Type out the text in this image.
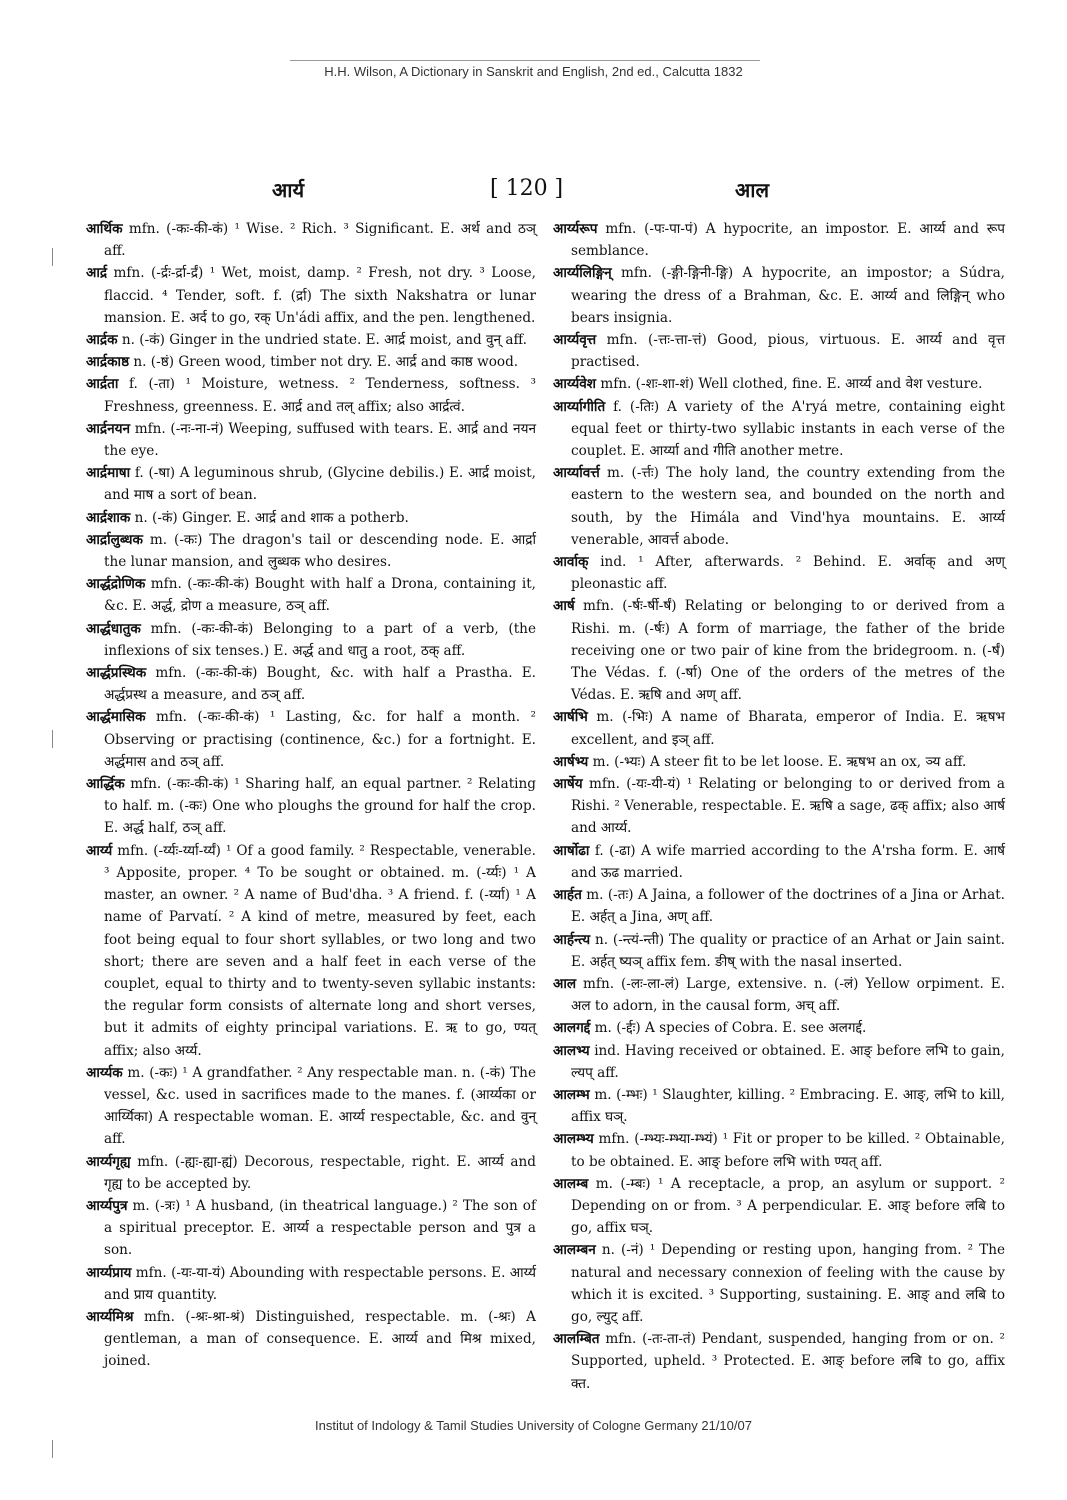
H.H. Wilson, A Dictionary in Sanskrit and English, 2nd ed., Calcutta 1832
आर्य	[ 120 ]	आल

आर्थिक mfn. (-कः-की-कं) ¹ Wise. ² Rich. ³ Significant. E. अर्थ and ठञ् aff.

आर्द्र mfn. (-र्द्रः-र्द्रा-र्द्रं) ¹ Wet, moist, damp. ² Fresh, not dry. ³ Loose, flaccid. ⁴ Tender, soft. f. (र्द्रा) The sixth Nakshatra or lunar mansion. E. अर्द to go, रक् Un'ádi affix, and the pen. lengthened.

आर्द्रक n. (-कं) Ginger in the undried state. E. आर्द्र moist, and वुन् aff.

आर्द्रकाष्ठ n. (-ष्ठं) Green wood, timber not dry. E. आर्द्र and काष्ठ wood.

आर्द्रता f. (-ता) ¹ Moisture, wetness. ² Tenderness, softness. ³ Freshness, greenness. E. आर्द्र and तल् affix; also आर्द्रत्वं.

आर्द्रनयन mfn. (-नः-ना-नं) Weeping, suffused with tears. E. आर्द्र and नयन the eye.

आर्द्रमाषा f. (-षा) A leguminous shrub, (Glycine debilis.) E. आर्द्र moist, and माष a sort of bean.

आर्द्रशाक n. (-कं) Ginger. E. आर्द्र and शाक a potherb.

आर्द्रालुब्धक m. (-कः) The dragon's tail or descending node. E. आर्द्रा the lunar mansion, and लुब्धक who desires.

आर्द्धद्रोणिक mfn. (-कः-की-कं) Bought with half a Drona, containing it, &c. E. अर्द्ध, द्रोण a measure, ठञ् aff.

आर्द्धधातुक mfn. (-कः-की-कं) Belonging to a part of a verb, (the inflexions of six tenses.) E. अर्द्ध and धातु a root, ठक् aff.

आर्द्धप्रस्थिक mfn. (-कः-की-कं) Bought, &c. with half a Prastha. E. अर्द्धप्रस्थ a measure, and ठञ् aff.

आर्द्धमासिक mfn. (-कः-की-कं) ¹ Lasting, &c. for half a month. ² Observing or practising (continence, &c.) for a fortnight. E. अर्द्धमास and ठञ् aff.

आर्द्धिक mfn. (-कः-की-कं) ¹ Sharing half, an equal partner. ² Relating to half. m. (-कः) One who ploughs the ground for half the crop. E. अर्द्ध half, ठञ् aff.

आर्य्य mfn. (-र्य्यः-र्य्या-र्य्यं) ¹ Of a good family. ² Respectable, venerable. ³ Apposite, proper. ⁴ To be sought or obtained. m. (-र्य्यः) ¹ A master, an owner. ² A name of Bud'dha. ³ A friend. f. (-र्य्या) ¹ A name of Parvatí. ² A kind of metre, measured by feet, each foot being equal to four short syllables, or two long and two short; there are seven and a half feet in each verse of the couplet, equal to thirty and to twenty-seven syllabic instants: the regular form consists of alternate long and short verses, but it admits of eighty principal variations. E. ऋ to go, ण्यत् affix; also अर्य्य.

आर्य्यक m. (-कः) ¹ A grandfather. ² Any respectable man. n. (-कं) The vessel, &c. used in sacrifices made to the manes. f. (आर्य्यका or आर्य्यिका) A respectable woman. E. आर्य्य respectable, &c. and वुन् aff.

आर्य्यगृह्य mfn. (-ह्यः-ह्या-ह्यं) Decorous, respectable, right. E. आर्य्य and गृह्य to be accepted by.

आर्य्यपुत्र m. (-त्रः) ¹ A husband, (in theatrical language.) ² The son of a spiritual preceptor. E. आर्य्य a respectable person and पुत्र a son.

आर्य्यप्राय mfn. (-यः-या-यं) Abounding with respectable persons. E. आर्य्य and प्राय quantity.

आर्य्यमिश्र mfn. (-श्रः-श्रा-श्रं) Distinguished, respectable. m. (-श्रः) A gentleman, a man of consequence. E. आर्य्य and मिश्र mixed, joined.

आर्य्यरूप mfn. (-पः-पा-पं) A hypocrite, an impostor. E. आर्य्य and रूप semblance.

आर्य्यलिङ्गिन् mfn. (-ङ्गी-ङ्गिनी-ङ्गि) A hypocrite, an impostor; a Súdra, wearing the dress of a Brahman, &c. E. आर्य्य and लिङ्गिन् who bears insignia.

आर्य्यवृत्त mfn. (-त्तः-त्ता-त्तं) Good, pious, virtuous. E. आर्य्य and वृत्त practised.

आर्य्यवेश mfn. (-शः-शा-शं) Well clothed, fine. E. आर्य्य and वेश vesture.

आर्य्यागीति f. (-तिः) A variety of the A'ryá metre, containing eight equal feet or thirty-two syllabic instants in each verse of the couplet. E. आर्य्या and गीति another metre.

आर्य्यावर्त्त m. (-र्त्तः) The holy land, the country extending from the eastern to the western sea, and bounded on the north and south, by the Himála and Vind'hya mountains. E. आर्य्य venerable, आवर्त्त abode.

आर्वाक् ind. ¹ After, afterwards. ² Behind. E. अर्वाक् and अण् pleonastic aff.

आर्ष mfn. (-र्षः-र्षी-र्षं) Relating or belonging to or derived from a Rishi. m. (-र्षः) A form of marriage, the father of the bride receiving one or two pair of kine from the bridegroom. n. (-र्षं) The Védas. f. (-र्षा) One of the orders of the metres of the Védas. E. ऋषि and अण् aff.

आर्षभि m. (-भिः) A name of Bharata, emperor of India. E. ऋषभ excellent, and इञ् aff.

आर्षभ्य m. (-भ्यः) A steer fit to be let loose. E. ऋषभ an ox, ञ्य aff.

आर्षेय mfn. (-यः-यी-यं) ¹ Relating or belonging to or derived from a Rishi. ² Venerable, respectable. E. ऋषि a sage, ढक् affix; also आर्ष and आर्य्य.

आर्षोढा f. (-ढा) A wife married according to the A'rsha form. E. आर्ष and ऊढ married.

आर्हत m. (-तः) A Jaina, a follower of the doctrines of a Jina or Arhat. E. अर्हत् a Jina, अण् aff.

आर्हन्त्य n. (-न्त्यं-न्ती) The quality or practice of an Arhat or Jain saint. E. अर्हत् ष्यञ् affix fem. ङीष् with the nasal inserted.

आल mfn. (-लः-ला-लं) Large, extensive. n. (-लं) Yellow orpiment. E. अल to adorn, in the causal form, अच् aff.

आलगर्द्द m. (-र्द्दः) A species of Cobra. E. see अलगर्द्द.

आलभ्य ind. Having received or obtained. E. आङ् before लभि to gain, ल्यप् aff.

आलम्भ m. (-म्भः) ¹ Slaughter, killing. ² Embracing. E. आङ्, लभि to kill, affix घञ्.

आलम्भ्य mfn. (-म्भ्यः-म्भ्या-म्भ्यं) ¹ Fit or proper to be killed. ² Obtainable, to be obtained. E. आङ् before लभि with ण्यत् aff.

आलम्ब m. (-म्बः) ¹ A receptacle, a prop, an asylum or support. ² Depending on or from. ³ A perpendicular. E. आङ् before लबि to go, affix घञ्.

आलम्बन n. (-नं) ¹ Depending or resting upon, hanging from. ² The natural and necessary connexion of feeling with the cause by which it is excited. ³ Supporting, sustaining. E. आङ् and लबि to go, ल्युट् aff.

आलम्बित mfn. (-तः-ता-तं) Pendant, suspended, hanging from or on. ² Supported, upheld. ³ Protected. E. आङ् before लबि to go, affix क्त.

Institut of Indology & Tamil Studies University of Cologne Germany 21/10/07
